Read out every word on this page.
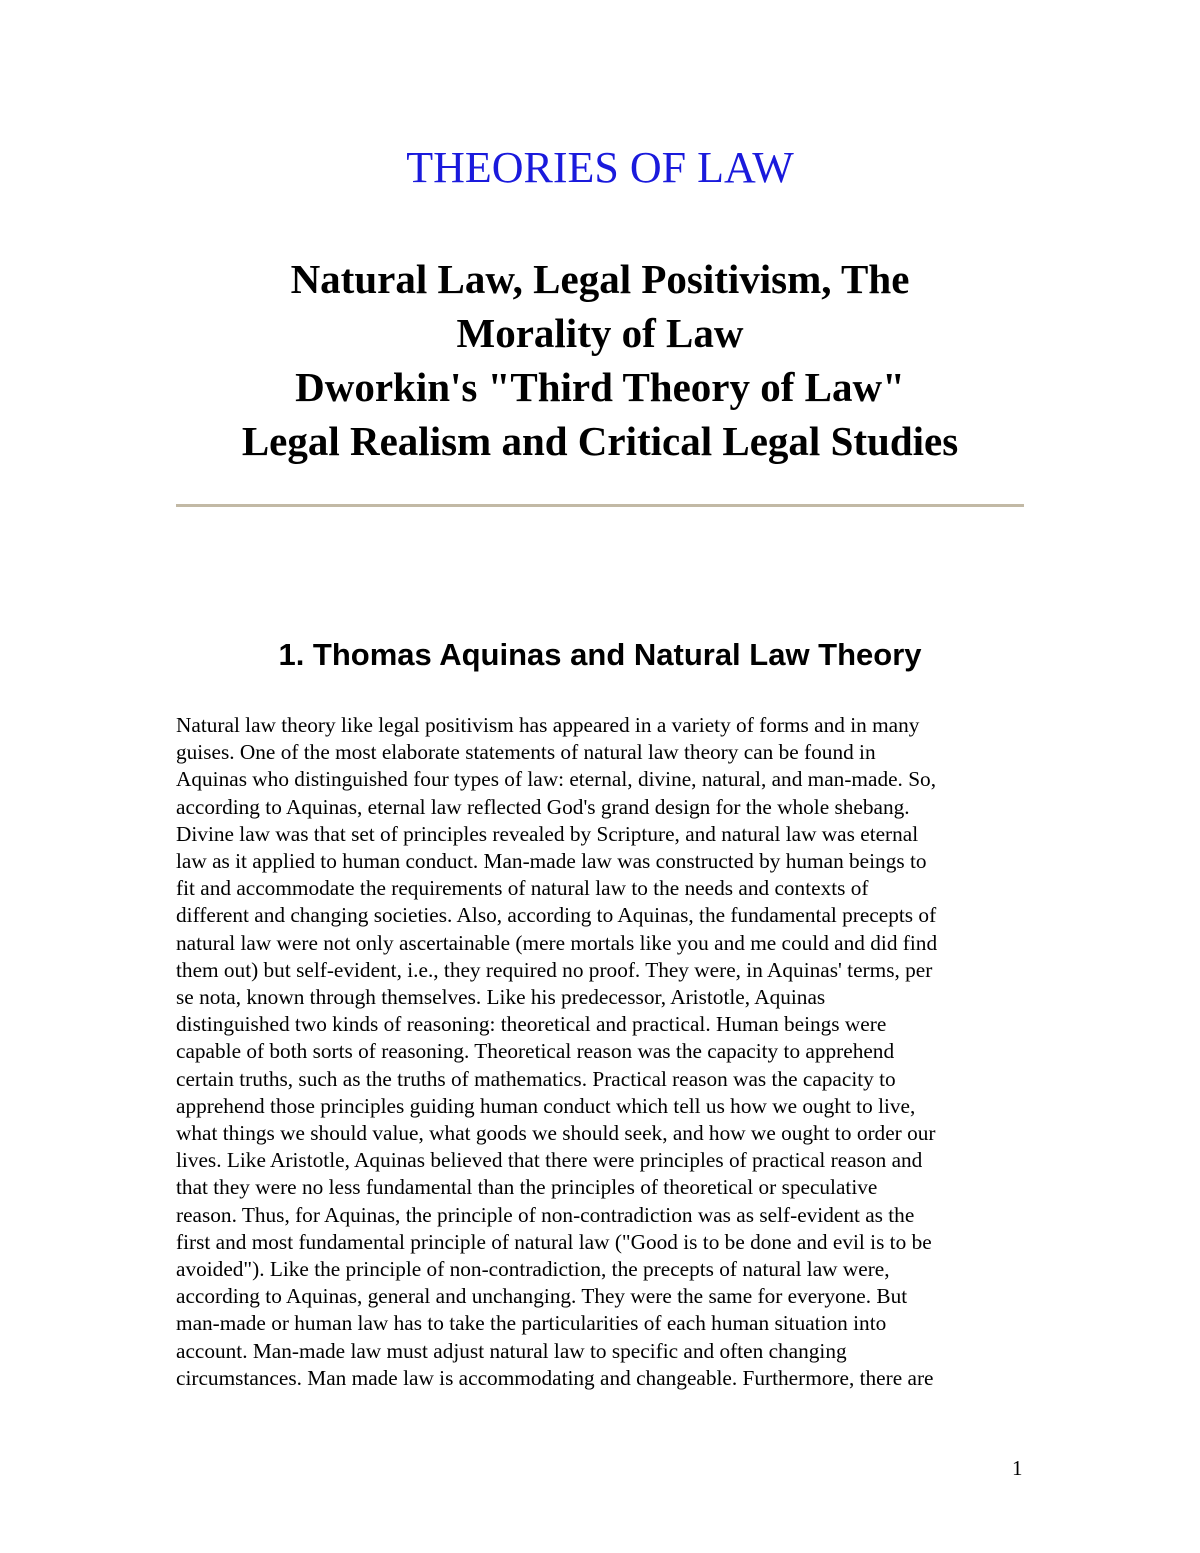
THEORIES OF LAW
Natural Law, Legal Positivism, The
Morality of Law
Dworkin's "Third Theory of Law"
Legal Realism and Critical Legal Studies
1. Thomas Aquinas and Natural Law Theory

Natural law theory like legal positivism has appeared in a variety of forms and in many
guises. One of the most elaborate statements of natural law theory can be found in
Aquinas who distinguished four types of law: eternal, divine, natural, and man-made. So,
according to Aquinas, eternal law reflected God's grand design for the whole shebang.
Divine law was that set of principles revealed by Scripture, and natural law was eternal
law as it applied to human conduct. Man-made law was constructed by human beings to
fit and accommodate the requirements of natural law to the needs and contexts of
different and changing societies. Also, according to Aquinas, the fundamental precepts of
natural law were not only ascertainable (mere mortals like you and me could and did find
them out) but self-evident, i.e., they required no proof. They were, in Aquinas' terms, per
se nota, known through themselves. Like his predecessor, Aristotle, Aquinas
distinguished two kinds of reasoning: theoretical and practical. Human beings were
capable of both sorts of reasoning. Theoretical reason was the capacity to apprehend
certain truths, such as the truths of mathematics. Practical reason was the capacity to
apprehend those principles guiding human conduct which tell us how we ought to live,
what things we should value, what goods we should seek, and how we ought to order our
lives. Like Aristotle, Aquinas believed that there were principles of practical reason and
that they were no less fundamental than the principles of theoretical or speculative
reason. Thus, for Aquinas, the principle of non-contradiction was as self-evident as the
first and most fundamental principle of natural law ("Good is to be done and evil is to be
avoided"). Like the principle of non-contradiction, the precepts of natural law were,
according to Aquinas, general and unchanging. They were the same for everyone. But
man-made or human law has to take the particularities of each human situation into
account. Man-made law must adjust natural law to specific and often changing
circumstances. Man made law is accommodating and changeable. Furthermore, there are

1
